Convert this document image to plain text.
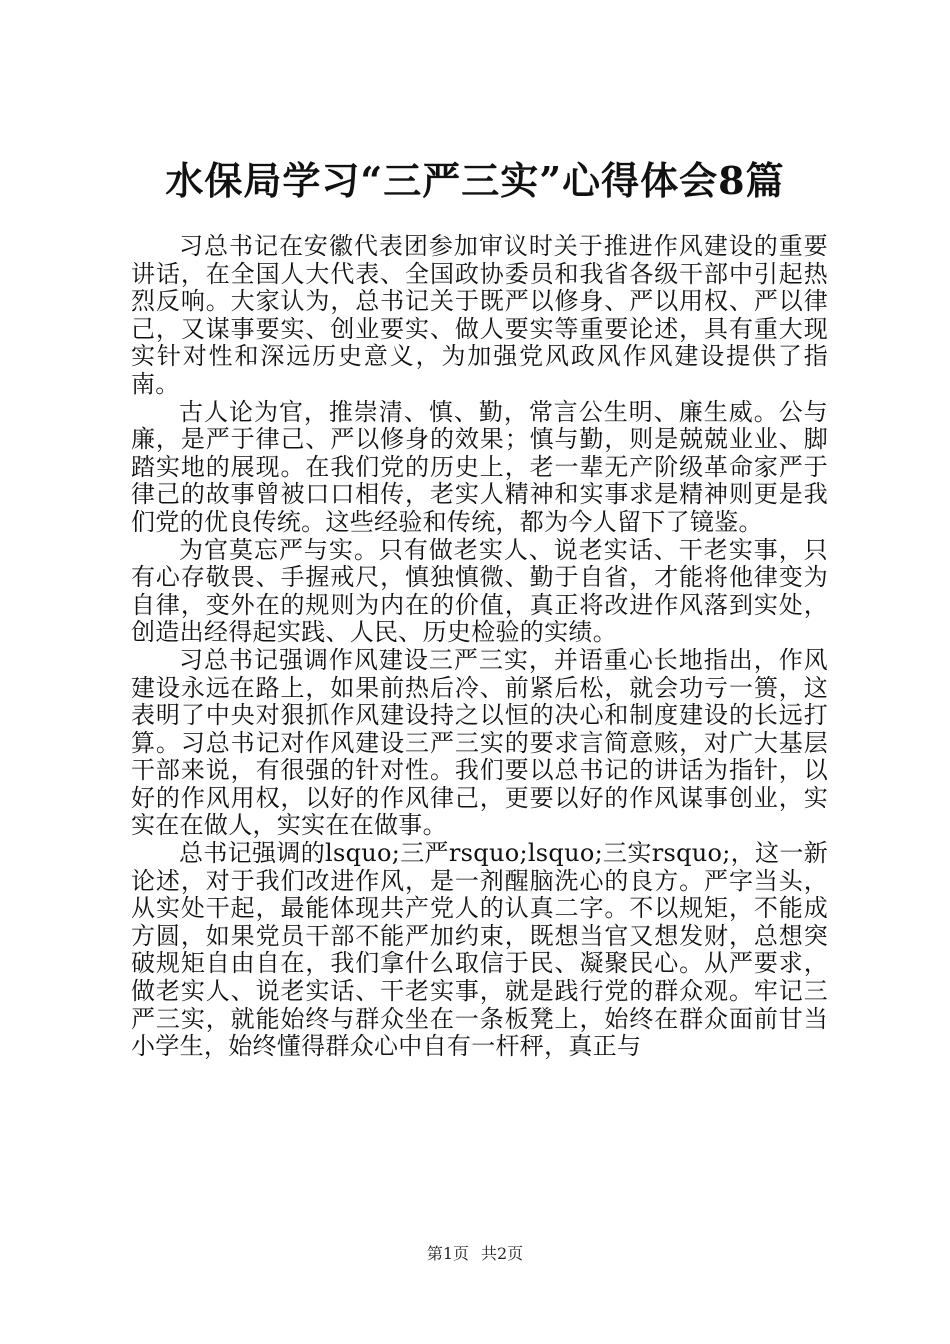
水保局学习“三严三实”心得体会8篇

习总书记在安徽代表团参加审议时关于推进作风建设的重要讲话，在全国人大代表、全国政协委员和我省各级干部中引起热烈反响。大家认为，总书记关于既严以修身、严以用权、严以律己，又谋事要实、创业要实、做人要实等重要论述，具有重大现实针对性和深远历史意义，为加强党风政风作风建设提供了指南。

古人论为官，推崇清、慎、勤，常言公生明、廉生威。公与廉，是严于律己、严以修身的效果；慎与勤，则是兢兢业业、脚踏实地的展现。在我们党的历史上，老一辈无产阶级革命家严于律己的故事曾被口口相传，老实人精神和实事求是精神则更是我们党的优良传统。这些经验和传统，都为今人留下了镜鉴。

为官莫忘严与实。只有做老实人、说老实话、干老实事，只有心存敬畏、手握戒尺，慎独慎微、勤于自省，才能将他律变为自律，变外在的规则为内在的价值，真正将改进作风落到实处，创造出经得起实践、人民、历史检验的实绩。

习总书记强调作风建设三严三实，并语重心长地指出，作风建设永远在路上，如果前热后冷、前紧后松，就会功亏一篑，这表明了中央对狠抓作风建设持之以恒的决心和制度建设的长远打算。习总书记对作风建设三严三实的要求言简意赅，对广大基层干部来说，有很强的针对性。我们要以总书记的讲话为指针，以好的作风用权，以好的作风律己，更要以好的作风谋事创业，实实在在做人，实实在在做事。

总书记强调的lsquo;三严rsquo;lsquo;三实rsquo;，这一新论述，对于我们改进作风，是一剂醒脑洗心的良方。严字当头，从实处干起，最能体现共产党人的认真二字。不以规矩，不能成方圆，如果党员干部不能严加约束，既想当官又想发财，总想突破规矩自由自在，我们拿什么取信于民、凝聚民心。从严要求，做老实人、说老实话、干老实事，就是践行党的群众观。牢记三严三实，就能始终与群众坐在一条板凳上，始终在群众面前甘当小学生，始终懂得群众心中自有一杆秤，真正与

第1页 共2页
